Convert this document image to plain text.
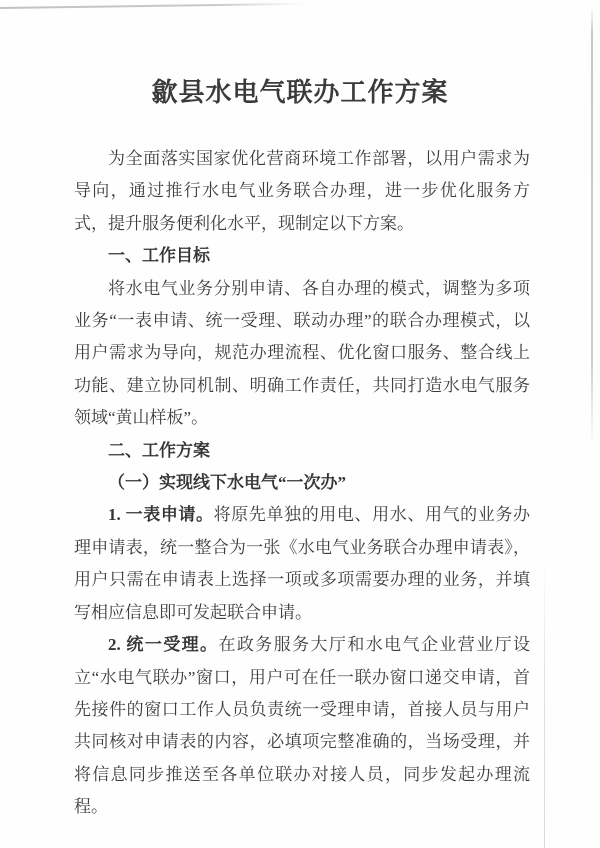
歙县水电气联办工作方案

为全面落实国家优化营商环境工作部署，以用户需求为导向，通过推行水电气业务联合办理，进一步优化服务方式，提升服务便利化水平，现制定以下方案。

一、工作目标

将水电气业务分别申请、各自办理的模式，调整为多项业务“一表申请、统一受理、联动办理”的联合办理模式，以用户需求为导向，规范办理流程、优化窗口服务、整合线上功能、建立协同机制、明确工作责任，共同打造水电气服务领域“黄山样板”。

二、工作方案

（一）实现线下水电气“一次办”

1. 一表申请。将原先单独的用电、用水、用气的业务办理申请表，统一整合为一张《水电气业务联合办理申请表》，用户只需在申请表上选择一项或多项需要办理的业务，并填写相应信息即可发起联合申请。

2. 统一受理。在政务服务大厅和水电气企业营业厅设立“水电气联办”窗口，用户可在任一联办窗口递交申请，首先接件的窗口工作人员负责统一受理申请，首接人员与用户共同核对申请表的内容，必填项完整准确的，当场受理，并将信息同步推送至各单位联办对接人员，同步发起办理流程。
